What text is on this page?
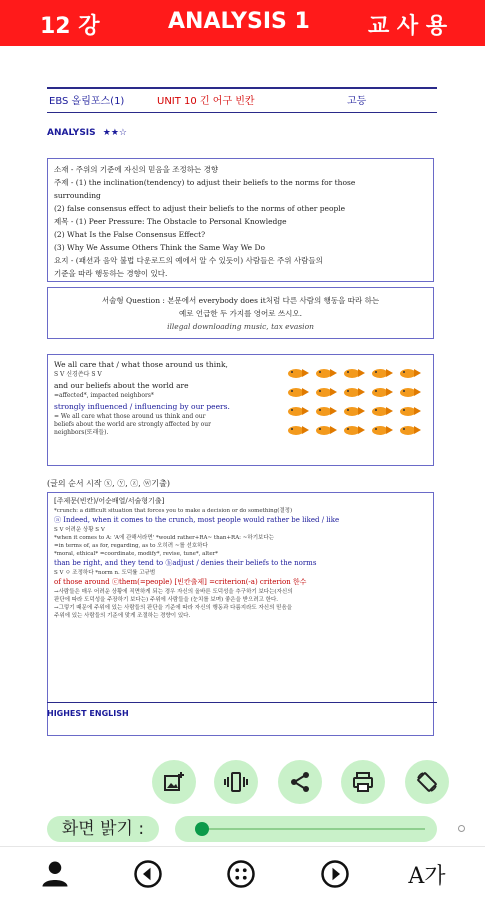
12 강	ANALYSIS 1	교 사 용
EBS 올림포스(1)	UNIT 10 긴 어구 빈칸	고등
ANALYSIS ★★☆
소재 - 주위의 기준에 자신의 믿음을 조정하는 경향
주제 - (1) the inclination(tendency) to adjust their beliefs to the norms for those
surrounding
(2) false consensus effect to adjust their beliefs to the norms of other people
제목 - (1) Peer Pressure: The Obstacle to Personal Knowledge
(2) What Is the False Consensus Effect?
(3) Why We Assume Others Think the Same Way We Do
요지 - (패션과 음악 불법 다운로드의 예에서 알 수 있듯이) 사람들은 주위 사람들의
기준을 따라 행동하는 경향이 있다.
서술형 Question : 본문에서 everybody does it처럼 다른 사람의 행동을 따라 하는
예로 언급한 두 가지를 영어로 쓰시오.
illegal downloading music, tax evasion
We all care that / what those around us think,
S V 신경쓴다 S V
and our beliefs about the world are
=affected*, impacted neighbors*
strongly influenced / influencing by our peers.
= We all care what those around us think and our
beliefs about the world are strongly affected by our
neighbors(또래들).
(글의 순서 시작 ⓧ, ⓨ, ⓩ, ⓦ기출)
[주제문(빈칸)/어순배열/서술형기출]
*crunch: a difficult situation that forces you to make a decision or do something(결정)
ⓐ Indeed, when it comes to the crunch, most people would rather be liked / like
S V 어려운 상황 S V
*when it comes to A: 'A에 관해서라면' *would rather+RA~ than+RA: ~하기보다는
=in terms of, as for, regarding, as to 오히려 ~를 선호하다
*moral, ethical* =coordinate, modify*, revise, tune*, alter*
than be right, and they tend to ⓑadjust / denies their beliefs to the norms
S V ㅇ 조정하다 *norm n. 도덕률 고규범
of those around ⓒthem(=people) [빈칸출제] =criterion(-a) criterion 한수
→사람들은 매우 어려운 상황에 직면하게 되는 경우 자신의 올바른 도덕성을 추구하기 보다는(자신의
판단에 따라 도덕성을 주장하기 보다는) 주위에 사람들을 (눈치를 보며) 좋은을 받으려고 한다.
→그렇기 때문에 주위에 있는 사람들의 판단을 기준에 따라 자신의 행동과 다름지라도 자신의 믿음을
주위에 있는 사람들의 기준에 맞게 조절하는 경향이 있다.
HIGHEST ENGLISH
화면 밝기 :
A가
